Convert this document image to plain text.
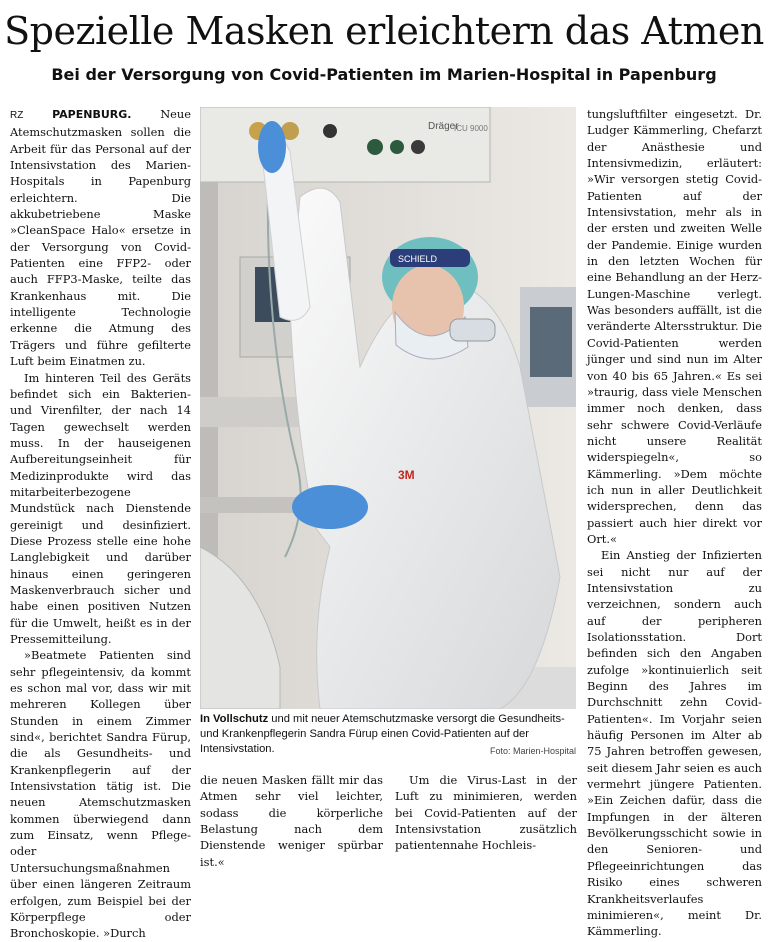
Spezielle Masken erleichtern das Atmen
Bei der Versorgung von Covid-Patienten im Marien-Hospital in Papenburg

RZ	PAPENBURG. Neue Atemschutzmasken sollen die Arbeit für das Personal auf der Intensivstation des Marien-Hospitals in Papenburg erleichtern. Die akkubetriebene Maske »CleanSpace Halo« ersetze in der Versorgung von Covid-Patienten eine FFP2- oder auch FFP3-Maske, teilte das Krankenhaus mit. Die intelligente Technologie erkenne die Atmung des Trägers und führe gefilterte Luft beim Einatmen zu.

Im hinteren Teil des Geräts befindet sich ein Bakterien- und Virenfilter, der nach 14 Tagen gewechselt werden muss. In der hauseigenen Aufbereitungseinheit für Medizinprodukte wird das mitarbeiterbezogene Mundstück nach Dienstende gereinigt und desinfiziert. Diese Prozess stelle eine hohe Langlebigkeit und darüber hinaus einen geringeren Maskenverbrauch sicher und habe einen positiven Nutzen für die Umwelt, heißt es in der Pressemitteilung.

»Beatmete Patienten sind sehr pflegeintensiv, da kommt es schon mal vor, dass wir mit mehreren Kollegen über Stunden in einem Zimmer sind«, berichtet Sandra Fürup, die als Gesundheits- und Krankenpflegerin auf der Intensivstation tätig ist. Die neuen Atemschutzmasken kommen überwiegend dann zum Einsatz, wenn Pflege- oder Untersuchungsmaßnahmen über einen längeren Zeitraum erfolgen, zum Beispiel bei der Körperpflege oder Bronchoskopie. »Durch

Dräger
ICU 9000
SCHIELD
3M
In Vollschutz und mit neuer Atemschutzmaske versorgt die Gesundheits- und Krankenpflegerin Sandra Fürup einen Covid-Patienten auf der Intensivstation.	Foto: Marien-Hospital

die neuen Masken fällt mir das Atmen sehr viel leichter, sodass die körperliche Belastung nach dem Dienstende weniger spürbar ist.«

Um die Virus-Last in der Luft zu minimieren, werden bei Covid-Patienten auf der Intensivstation zusätzlich patientennahe Hochleis-

tungsluftfilter eingesetzt. Dr. Ludger Kämmerling, Chefarzt der Anästhesie und Intensivmedizin, erläutert: »Wir versorgen stetig Covid-Patienten auf der Intensivstation, mehr als in der ersten und zweiten Welle der Pandemie. Einige wurden in den letzten Wochen für eine Behandlung an der Herz-Lungen-Maschine verlegt. Was besonders auffällt, ist die veränderte Altersstruktur. Die Covid-Patienten werden jünger und sind nun im Alter von 40 bis 65 Jahren.« Es sei »traurig, dass viele Menschen immer noch denken, dass sehr schwere Covid-Verläufe nicht unsere Realität widerspiegeln«, so Kämmerling. »Dem möchte ich nun in aller Deutlichkeit widersprechen, denn das passiert auch hier direkt vor Ort.«

Ein Anstieg der Infizierten sei nicht nur auf der Intensivstation zu verzeichnen, sondern auch auf der peripheren Isolationsstation. Dort befinden sich den Angaben zufolge »kontinuierlich seit Beginn des Jahres im Durchschnitt zehn Covid-Patienten«. Im Vorjahr seien häufig Personen im Alter ab 75 Jahren betroffen gewesen, seit diesem Jahr seien es auch vermehrt jüngere Patienten. »Ein Zeichen dafür, dass die Impfungen in der älteren Bevölkerungsschicht sowie in den Senioren- und Pflegeeinrichtungen das Risiko eines schweren Krankheitsverlaufes minimieren«, meint Dr. Kämmerling.
